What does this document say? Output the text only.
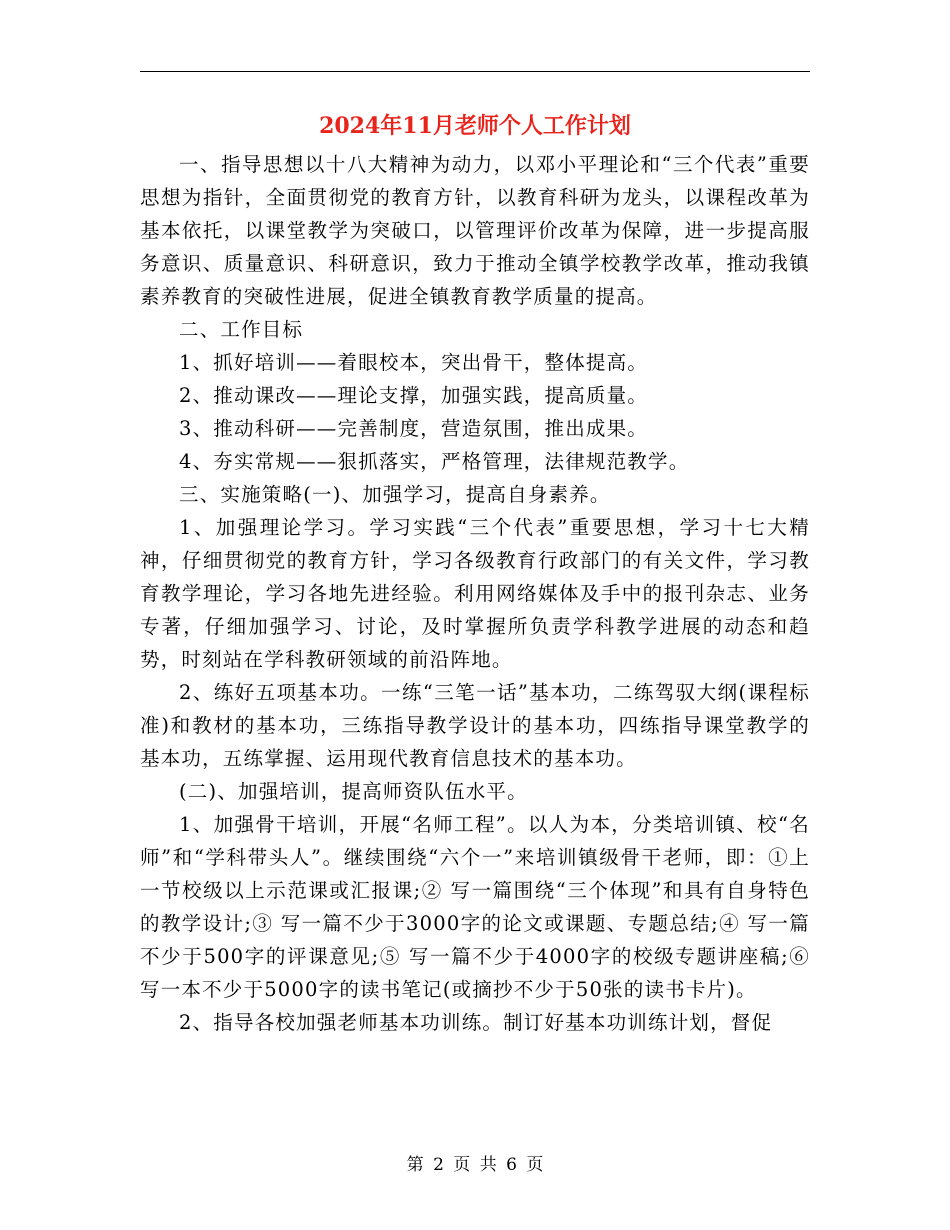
2024年11月老师个人工作计划

一、指导思想以十八大精神为动力，以邓小平理论和“三个代表”重要思想为指针，全面贯彻党的教育方针，以教育科研为龙头，以课程改革为基本依托，以课堂教学为突破口，以管理评价改革为保障，进一步提高服务意识、质量意识、科研意识，致力于推动全镇学校教学改革，推动我镇素养教育的突破性进展，促进全镇教育教学质量的提高。

二、工作目标

1、抓好培训——着眼校本，突出骨干，整体提高。

2、推动课改——理论支撑，加强实践，提高质量。

3、推动科研——完善制度，营造氛围，推出成果。

4、夯实常规——狠抓落实，严格管理，法律规范教学。

三、实施策略(一)、加强学习，提高自身素养。

1、加强理论学习。学习实践“三个代表”重要思想，学习十七大精神，仔细贯彻党的教育方针，学习各级教育行政部门的有关文件，学习教育教学理论，学习各地先进经验。利用网络媒体及手中的报刊杂志、业务专著，仔细加强学习、讨论，及时掌握所负责学科教学进展的动态和趋势，时刻站在学科教研领域的前沿阵地。

2、练好五项基本功。一练“三笔一话”基本功，二练驾驭大纲(课程标准)和教材的基本功，三练指导教学设计的基本功，四练指导课堂教学的基本功，五练掌握、运用现代教育信息技术的基本功。

(二)、加强培训，提高师资队伍水平。

1、加强骨干培训，开展“名师工程”。以人为本，分类培训镇、校“名师”和“学科带头人”。继续围绕“六个一”来培训镇级骨干老师，即：①上一节校级以上示范课或汇报课;② 写一篇围绕“三个体现”和具有自身特色的教学设计;③ 写一篇不少于3000字的论文或课题、专题总结;④ 写一篇不少于500字的评课意见;⑤ 写一篇不少于4000字的校级专题讲座稿;⑥ 写一本不少于5000字的读书笔记(或摘抄不少于50张的读书卡片)。

2、指导各校加强老师基本功训练。制订好基本功训练计划，督促

第 2 页 共 6 页
